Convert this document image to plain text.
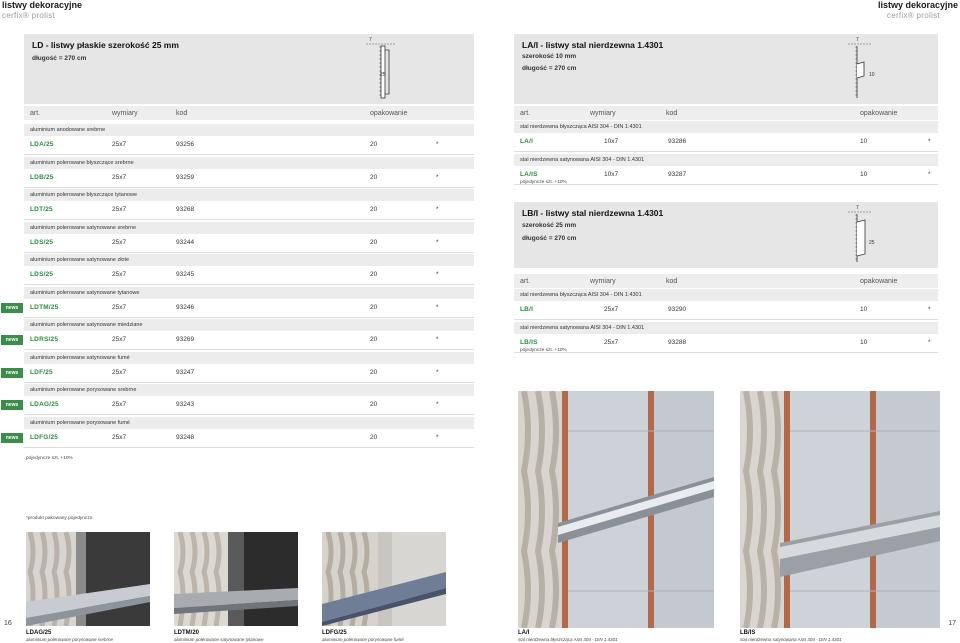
listwy dekoracyjne
cerfix® prolist
listwy dekoracyjne
cerfix® prolist
LD - listwy płaskie szerokość 25 mm
długość = 270 cm

7
25
art.	wymiary	kod	opakowanie
aluminium anodowane srebrne
LDA/25	25x7	93256	20	*
aluminium polerowane błyszczące srebrne
LDB/25	25x7	93259	20	*
aluminium polerowane błyszczące tytanowe
LDT/25	25x7	93268	20	*
aluminium polerowane satynowane srebrne
LDS/25	25x7	93244	20	*
aluminium polerowane satynowane złote
LDS/25	25x7	93245	20	*
aluminium polerowane satynowane tytanowe
LDTM/25	25x7	93246	20	*
news
aluminium polerowane satynowane miedziane
LDRS/25	25x7	93269	20	*
news
aluminium polerowane satynowane fumé
LDF/25	25x7	93247	20	*
news
aluminium polerowane porysowane srebrne
LDAG/25	25x7	93243	20	*
news
aluminium polerowane porysowane fumé
LDFG/25	25x7	93248	20	*
news
pojedyncze szt. +10%
*produkt pakowany pojedynczo
LA/I - listwy stal nierdzewna 1.4301
szerokość 10 mm
długość = 270 cm
7
10
art.	wymiary	kod	opakowanie
stal nierdzewna błyszcząca AISI 304 - DIN 1.4301
LA/I	10x7	93286	10	*
stal nierdzewna satynowana AISI 304 - DIN 1.4301
LA/IS	10x7	93287	10	*
pojedyncze szt. +10%
LB/I - listwy stal nierdzewna 1.4301
szerokość 25 mm
długość = 270 cm
7
25
art.	wymiary	kod	opakowanie
stal nierdzewna błyszcząca AISI 304 - DIN 1.4301
LB/I	25x7	93290	10	*
stal nierdzewna satynowana AISI 304 - DIN 1.4301
LB/IS	25x7	93288	10	*
pojedyncze szt. +10%
LDAG/25
aluminium polerowane porysowane srebrne
LDTM/20
aluminium polerowane satynowane tytanowe
LDFG/25
aluminium polerowane porysowane fumé
LA/I
stal nierdzewna błyszcząca AISI 304 - DIN 1.4301
LB/IS
stal nierdzewna satynowana AISI 304 - DIN 1.4301
16	17
